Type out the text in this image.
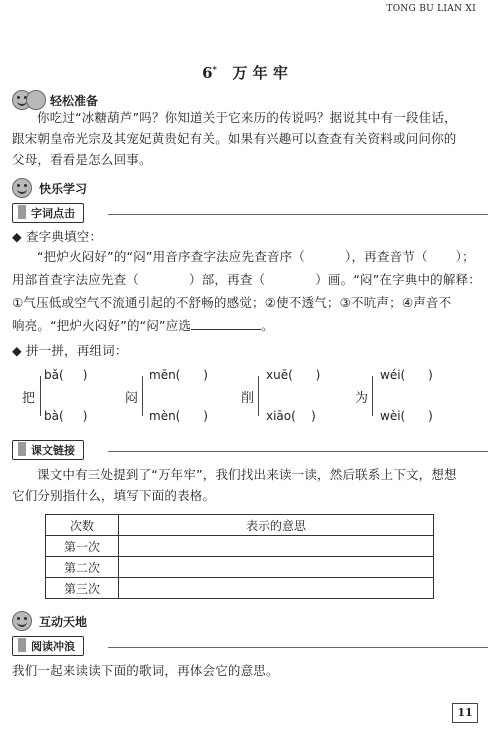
TONG BU LIAN XI
6* 万 年 牢
轻松准备
你吃过“冰糖葫芦”吗？你知道关于它来历的传说吗？据说其中有一段佳话，跟宋朝皇帝光宗及其宠妃黄贵妃有关。如果有兴趣可以查查有关资料或问问你的父母，看看是怎么回事。
快乐学习
字词点击
◆ 查字典填空：
“把炉火闷好”的“闷”用音序查字法应先查音序（	），再查音节（ ）；
用部首查字法应先查（	）部，再查（	）画。“闷”在字典中的解释：
①气压低或空气不流通引起的不舒畅的感觉；②使不透气；③不吭声；④声音不
响亮。“把炉火闷好”的“闷”应选	。
◆ 拼一拼，再组词：
bǎ( )
把
bà( )
mēn( )
闷
mèn( )
xuē( )
削
xiāo( )
wéi( )
为
wèi( )
课文链接
课文中有三处提到了“万年牢”，我们找出来读一读，然后联系上下文，想想它们分别指什么，填写下面的表格。
次数	表示的意思
第一次	
第二次	
第三次	
互动天地
阅读冲浪
我们一起来读读下面的歌词，再体会它的意思。
11
